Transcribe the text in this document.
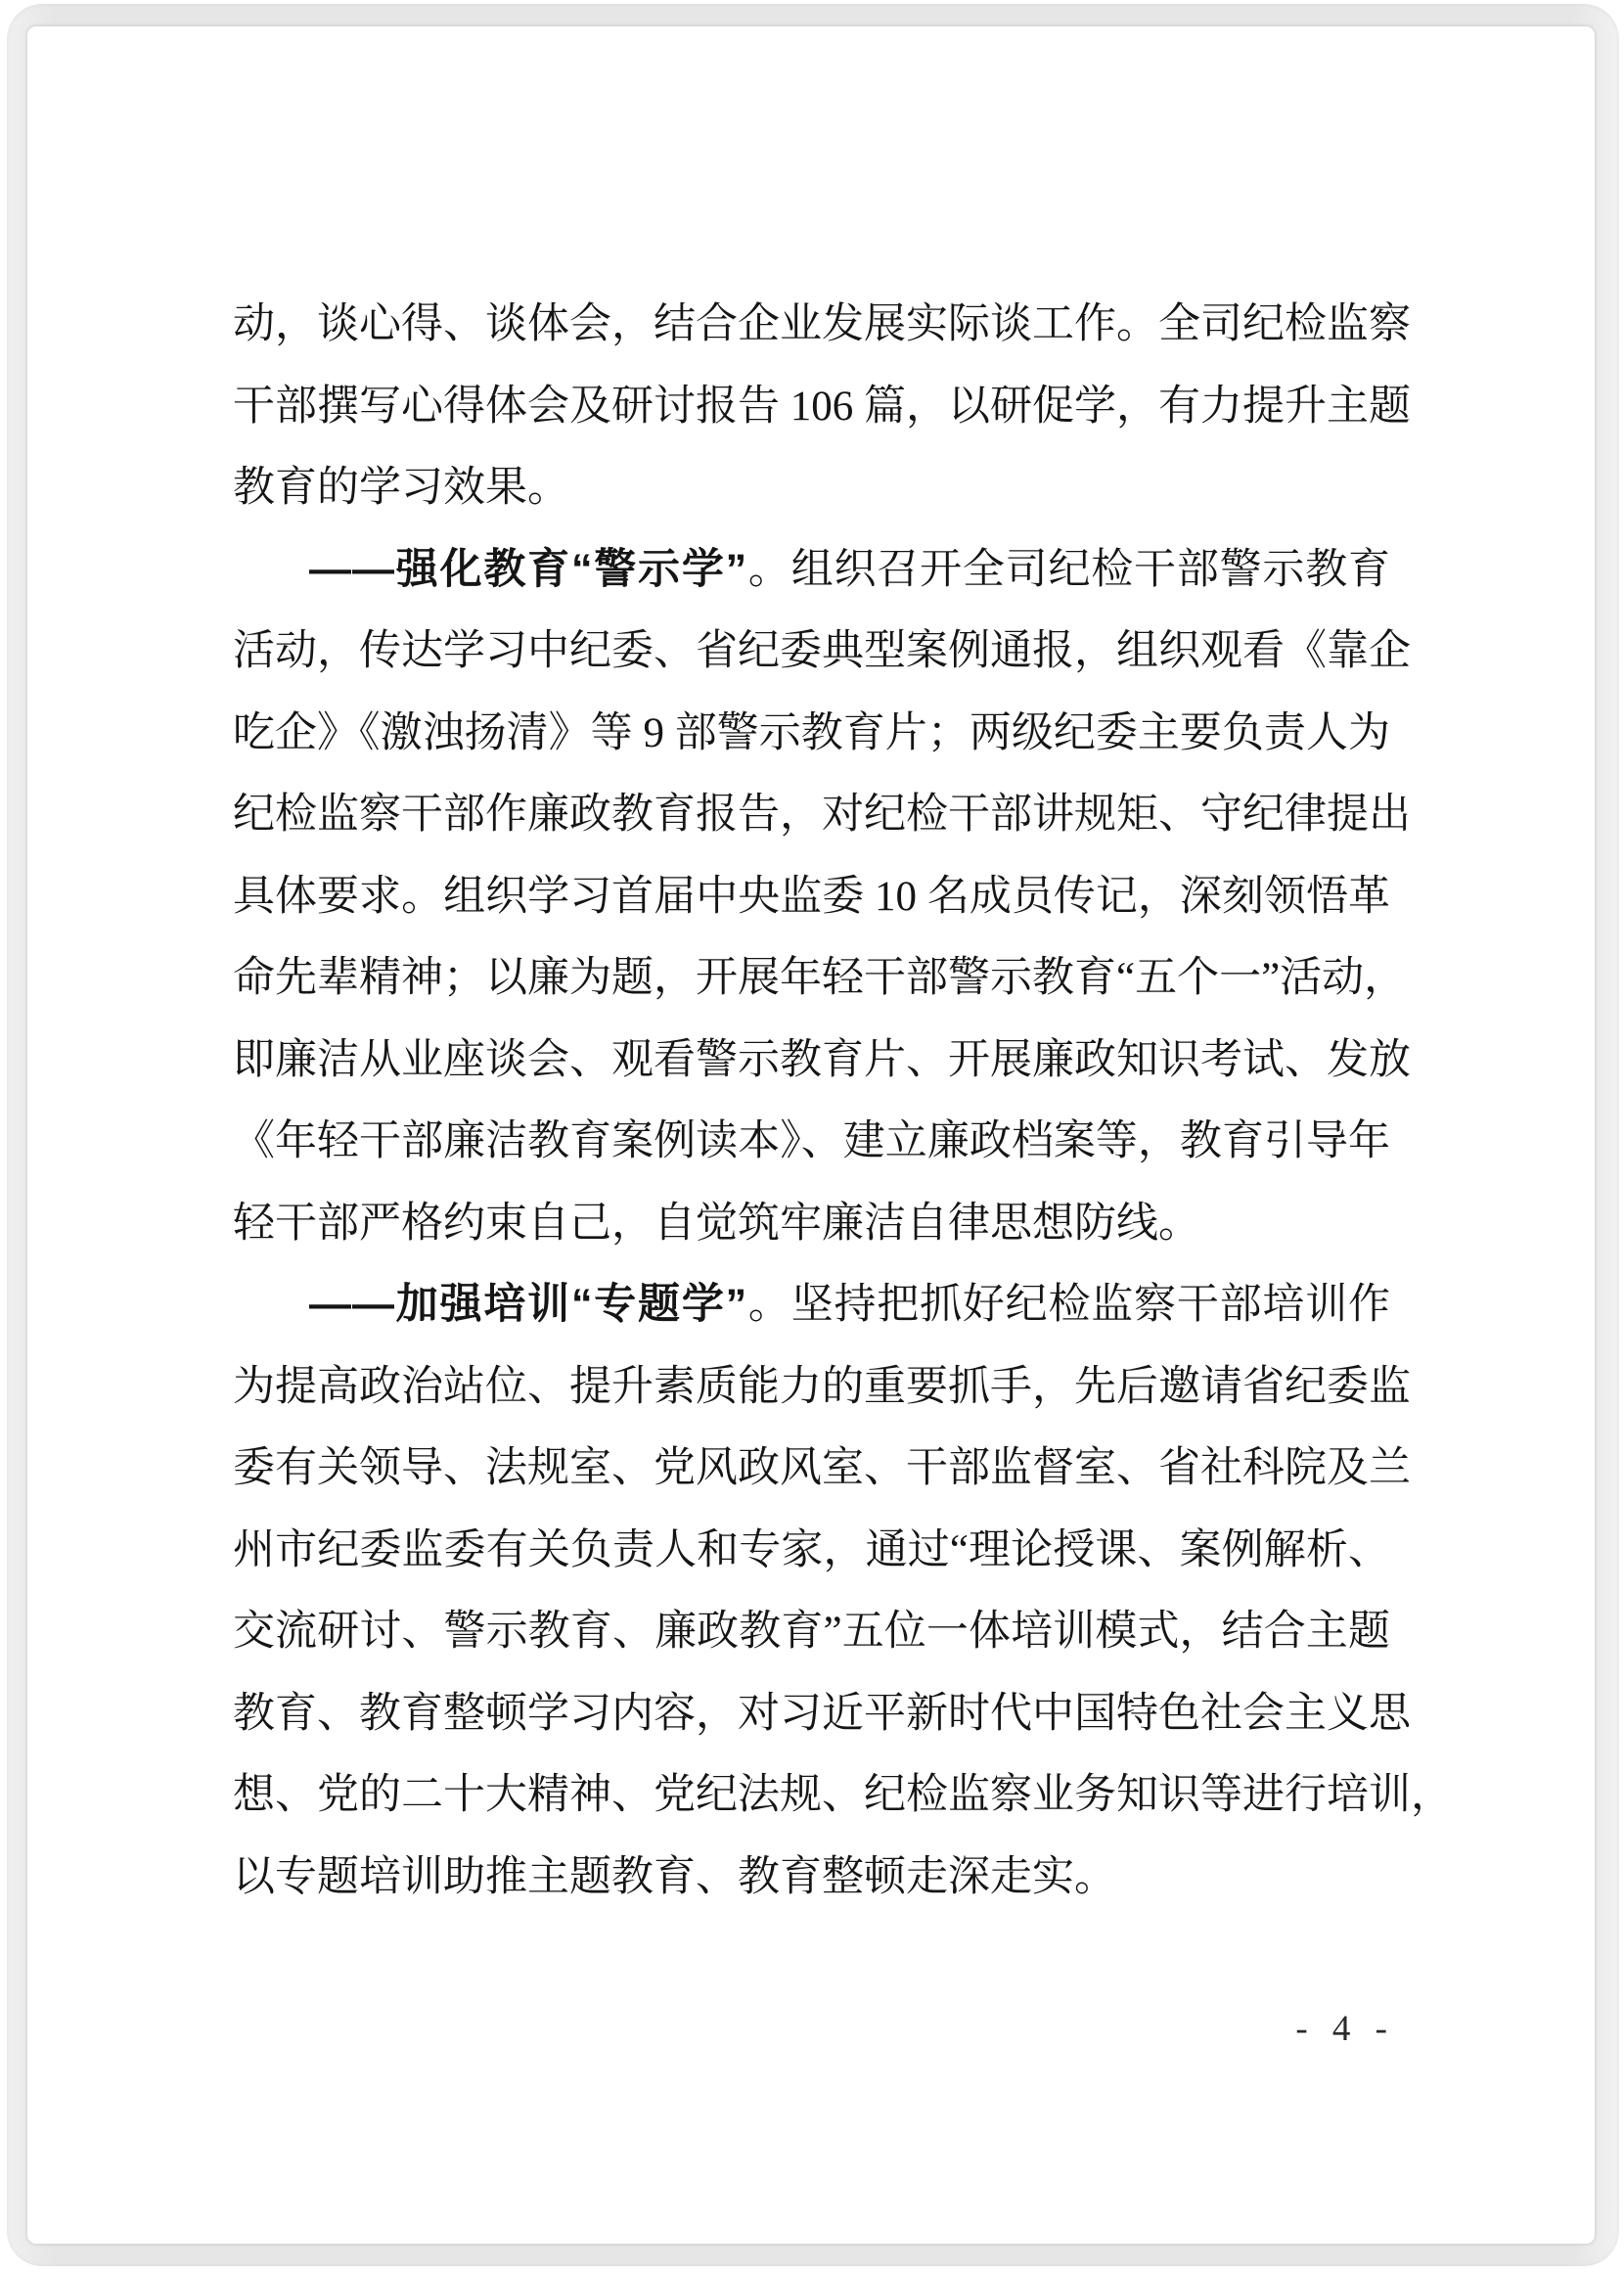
动，谈心得、谈体会，结合企业发展实际谈工作。全司纪检监察
干部撰写心得体会及研讨报告 106 篇，以研促学，有力提升主题
教育的学习效果。
——强化教育“警示学”。组织召开全司纪检干部警示教育
活动，传达学习中纪委、省纪委典型案例通报，组织观看《靠企
吃企》《激浊扬清》等 9 部警示教育片；两级纪委主要负责人为
纪检监察干部作廉政教育报告，对纪检干部讲规矩、守纪律提出
具体要求。组织学习首届中央监委 10 名成员传记，深刻领悟革
命先辈精神；以廉为题，开展年轻干部警示教育“五个一”活动，
即廉洁从业座谈会、观看警示教育片、开展廉政知识考试、发放
《年轻干部廉洁教育案例读本》、建立廉政档案等，教育引导年
轻干部严格约束自己，自觉筑牢廉洁自律思想防线。
——加强培训“专题学”。坚持把抓好纪检监察干部培训作
为提高政治站位、提升素质能力的重要抓手，先后邀请省纪委监
委有关领导、法规室、党风政风室、干部监督室、省社科院及兰
州市纪委监委有关负责人和专家，通过“理论授课、案例解析、
交流研讨、警示教育、廉政教育”五位一体培训模式，结合主题
教育、教育整顿学习内容，对习近平新时代中国特色社会主义思
想、党的二十大精神、党纪法规、纪检监察业务知识等进行培训，
以专题培训助推主题教育、教育整顿走深走实。
- 4 -
